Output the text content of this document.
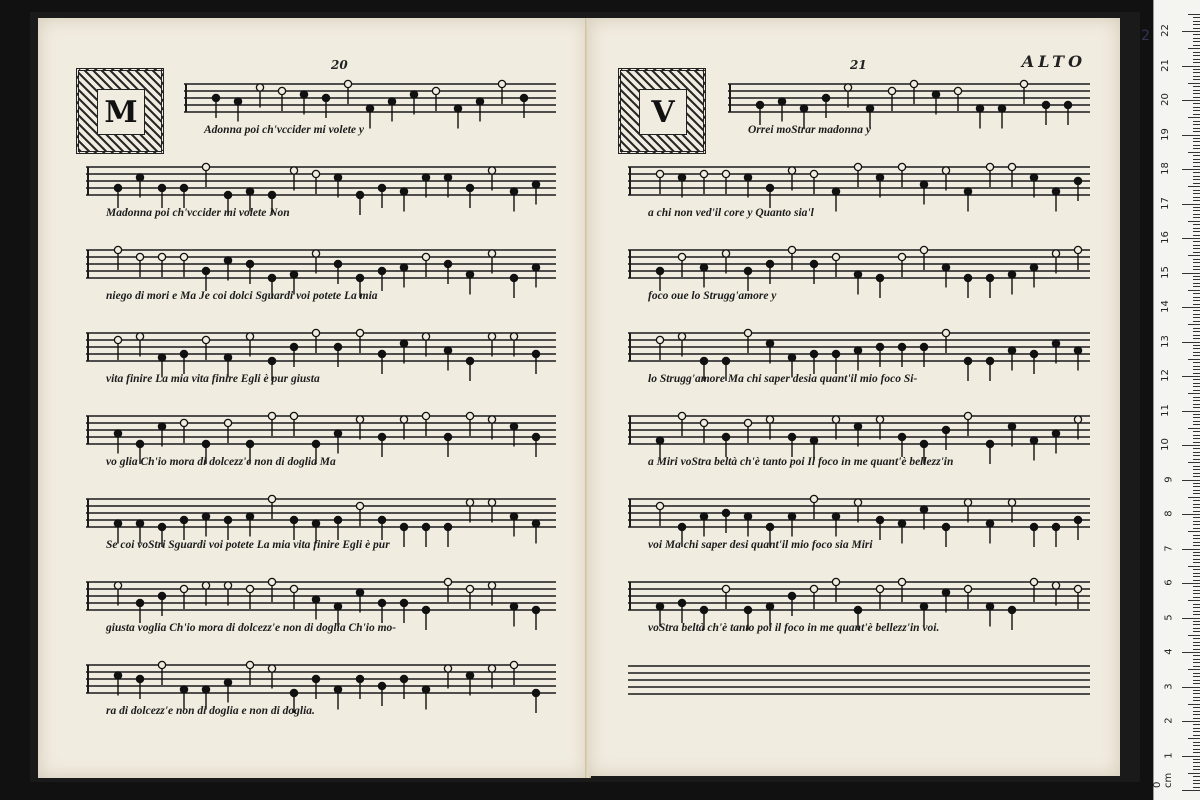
20
M
Adonna poi ch'vccider mi volete y
Madonna poi ch'vccider mi volete Non
niego di mori e Ma Je coi dolci Sguardi voi potete La mia
vita finire La mia vita finire Egli è pur giusta
vo glia Ch'io mora di dolcezz'e non di doglia Ma
Se coi voStri Sguardi voi potete La mia vita finire Egli è pur
giusta voglia Ch'io mora di dolcezz'e non di doglia Ch'io mo-
ra di dolcezz'e non di doglia e non di doglia.
21	ALTO
V
Orrei moStrar madonna y
a chi non ved'il core y Quanto sia'l
foco oue lo Strugg'amore y
lo Strugg'amore Ma chi saper desia quant'il mio foco Si-
a Miri voStra beltà ch'è tanto poi Il foco in me quant'è bellezz'in
voi Ma chi saper desi quant'il mio foco sia Miri
voStra beltà ch'è tanto poi il foco in me quant'è bellezz'in voi.
2
0 cm
1
2
3
4
5
6
7
8
9
10
11
12
13
14
15
16
17
18
19
20
21
22
